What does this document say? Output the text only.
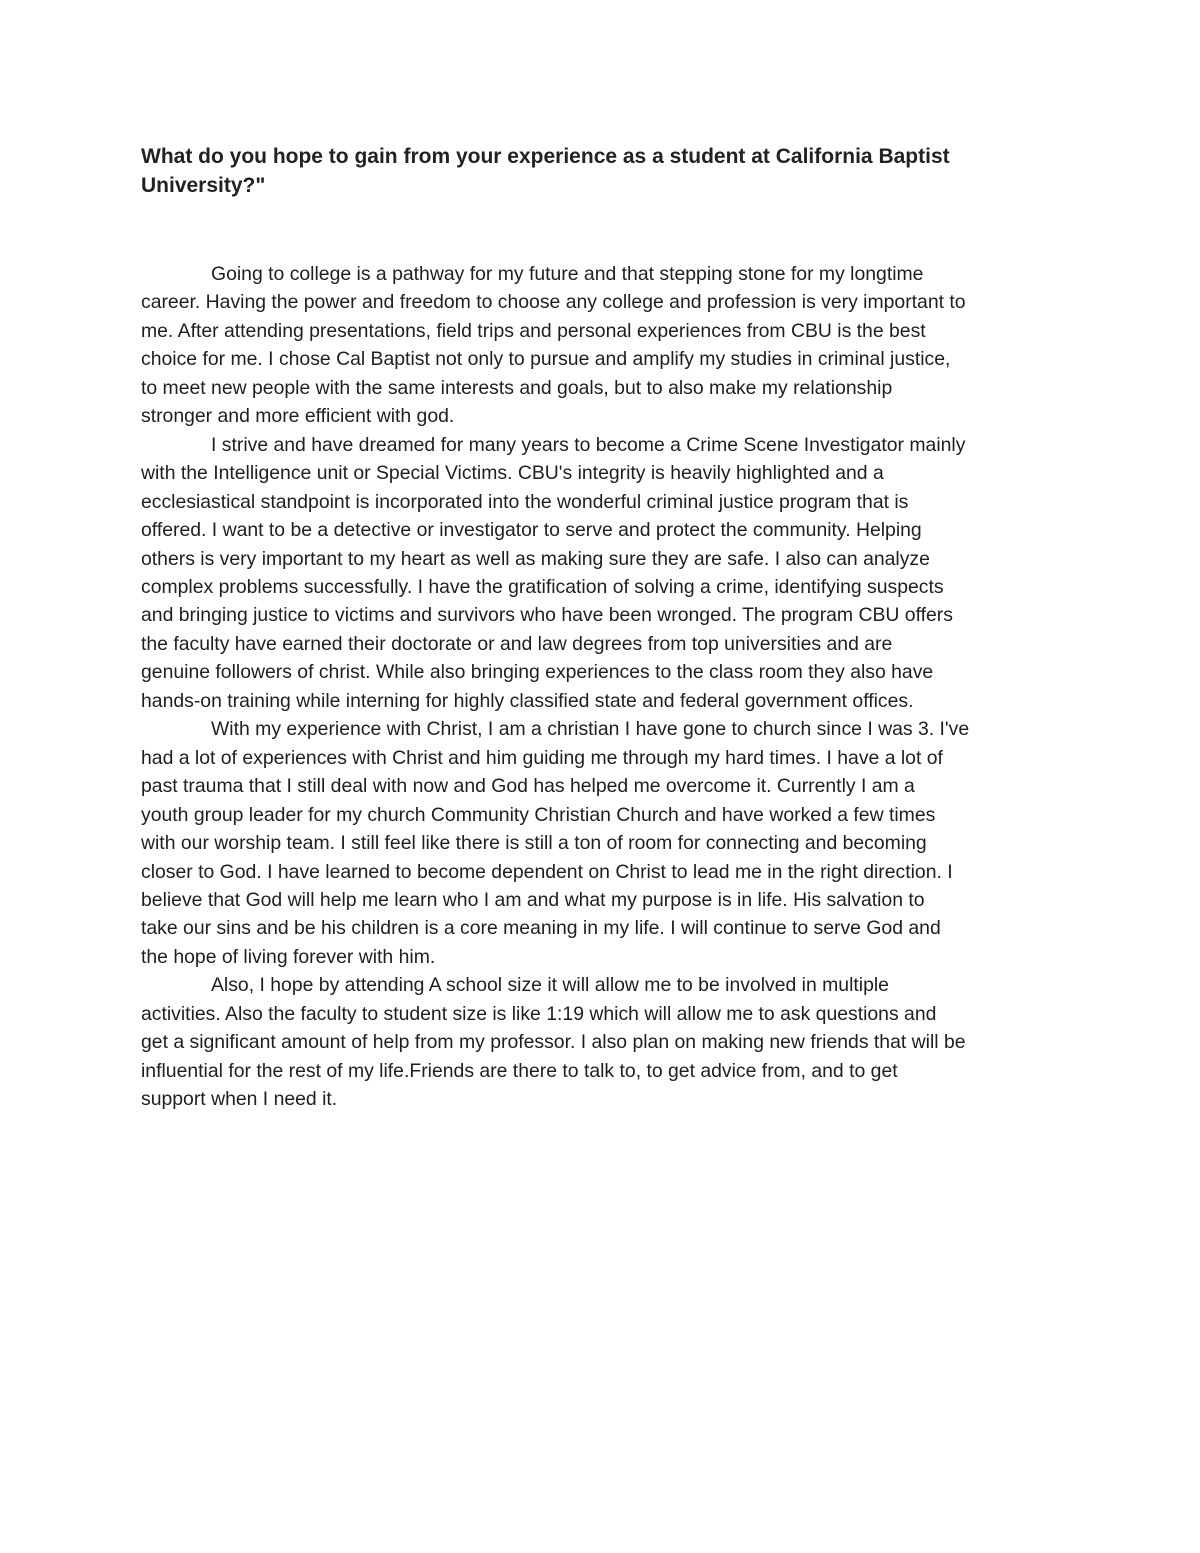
What do you hope to gain from your experience as a student at California Baptist
University?"
Going to college is a pathway for my future and that stepping stone for my longtime
career. Having the power and freedom to choose any college and profession is very important to
me. After attending presentations, field trips and personal experiences from CBU is the best
choice for me. I chose Cal Baptist not only to pursue and amplify my studies in criminal justice,
to meet new people with the same interests and goals, but to also make my relationship
stronger and more efficient with god.
I strive and have dreamed for many years to become a Crime Scene Investigator mainly
with the Intelligence unit or Special Victims. CBU's integrity is heavily highlighted and a
ecclesiastical standpoint is incorporated into the wonderful criminal justice program that is
offered. I want to be a detective or investigator to serve and protect the community. Helping
others is very important to my heart as well as making sure they are safe. I also can analyze
complex problems successfully. I have the gratification of solving a crime, identifying suspects
and bringing justice to victims and survivors who have been wronged. The program CBU offers
the faculty have earned their doctorate or and law degrees from top universities and are
genuine followers of christ. While also bringing experiences to the class room they also have
hands-on training while interning for highly classified state and federal government offices.
With my experience with Christ, I am a christian I have gone to church since I was 3. I've
had a lot of experiences with Christ and him guiding me through my hard times. I have a lot of
past trauma that I still deal with now and God has helped me overcome it. Currently I am a
youth group leader for my church Community Christian Church and have worked a few times
with our worship team. I still feel like there is still a ton of room for connecting and becoming
closer to God. I have learned to become dependent on Christ to lead me in the right direction. I
believe that God will help me learn who I am and what my purpose is in life. His salvation to
take our sins and be his children is a core meaning in my life. I will continue to serve God and
the hope of living forever with him.
Also, I hope by attending A school size it will allow me to be involved in multiple
activities. Also the faculty to student size is like 1:19 which will allow me to ask questions and
get a significant amount of help from my professor. I also plan on making new friends that will be
influential for the rest of my life.Friends are there to talk to, to get advice from, and to get
support when I need it.
